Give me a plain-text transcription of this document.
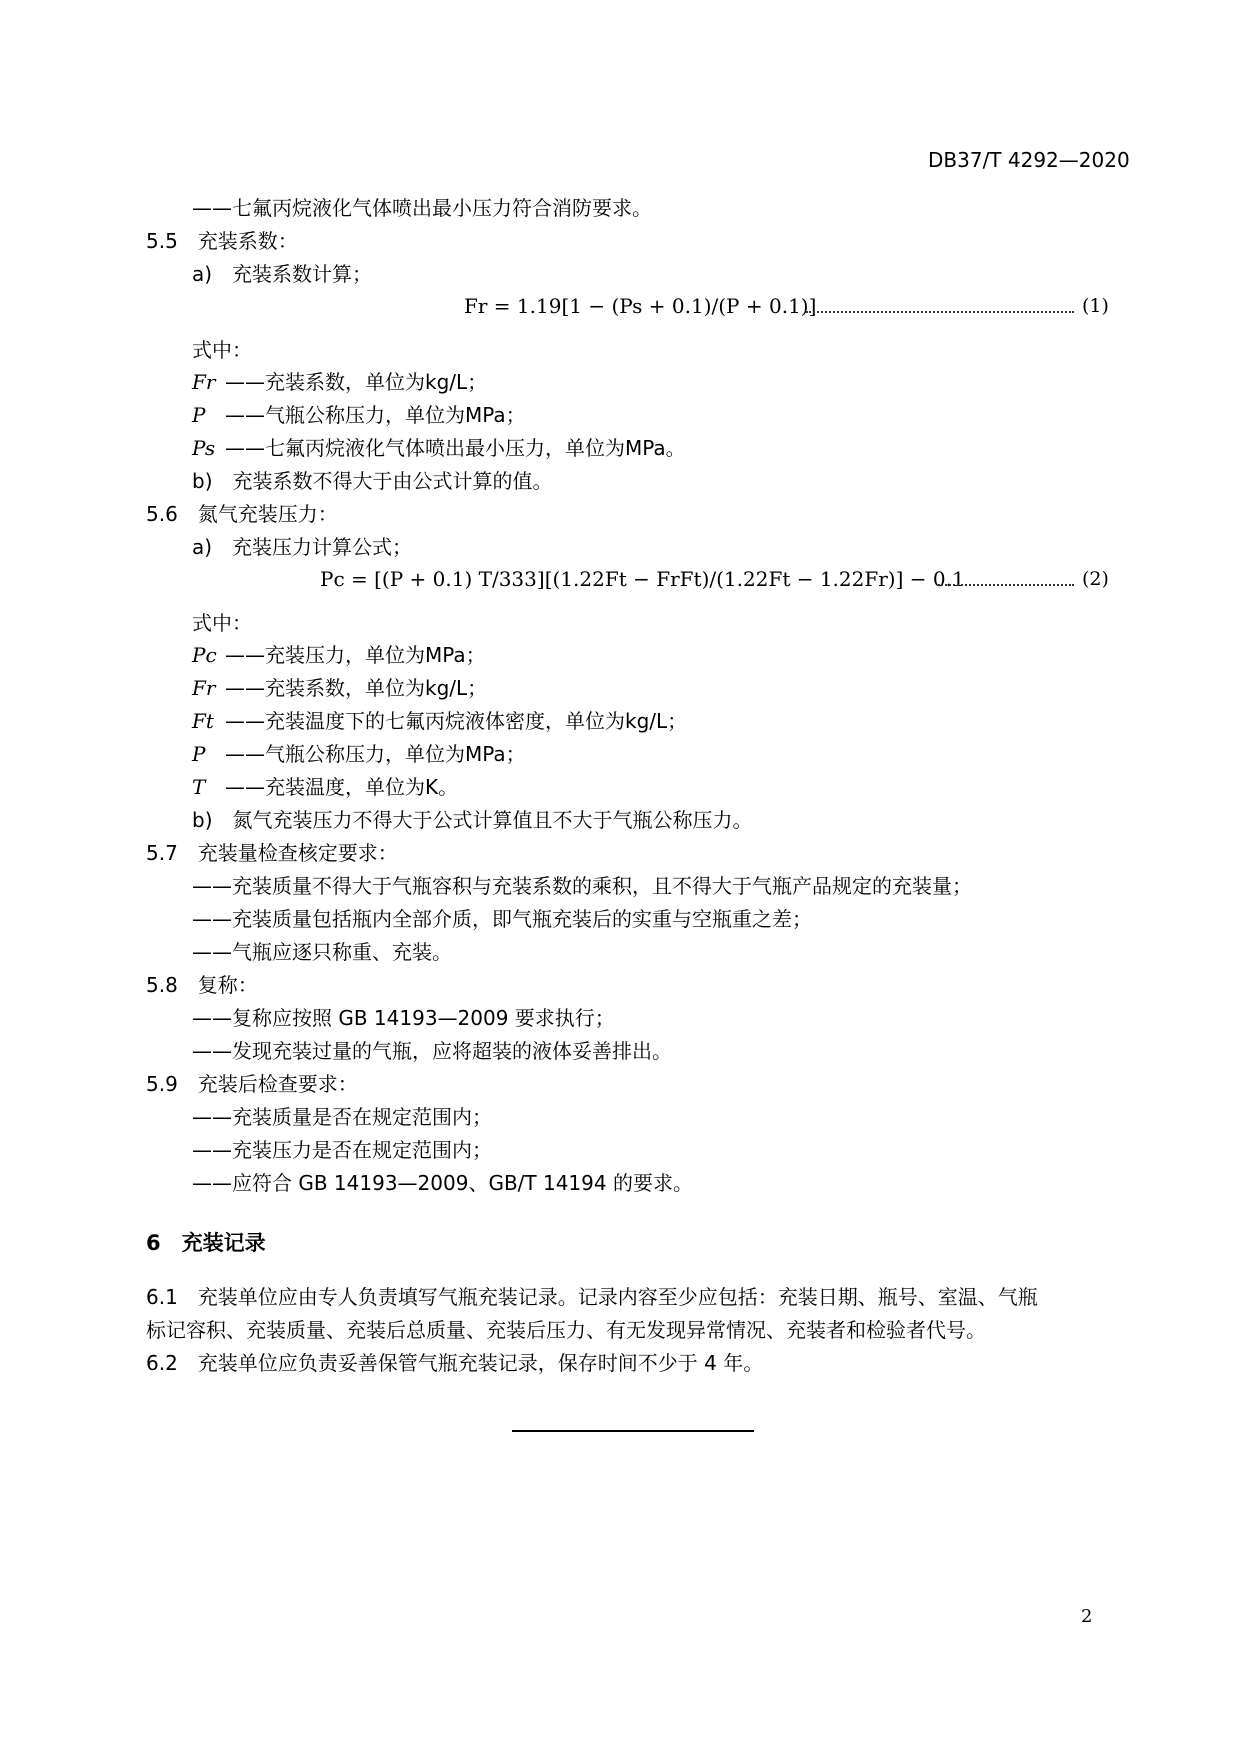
DB37/T 4292—2020
——七氟丙烷液化气体喷出最小压力符合消防要求。
5.5　充装系数：
a)　充装系数计算；
Fr = 1.19[1 − (Ps + 0.1)/(P + 0.1)]	(1)
式中：
Fr ——充装系数，单位为kg/L；
P ——气瓶公称压力，单位为MPa；
Ps ——七氟丙烷液化气体喷出最小压力，单位为MPa。
b)　充装系数不得大于由公式计算的值。
5.6　氮气充装压力：
a)　充装压力计算公式；
Pc = [(P + 0.1) T/333][(1.22Ft − FrFt)/(1.22Ft − 1.22Fr)] − 0.1	(2)
式中：
Pc ——充装压力，单位为MPa；
Fr ——充装系数，单位为kg/L；
Ft ——充装温度下的七氟丙烷液体密度，单位为kg/L；
P ——气瓶公称压力，单位为MPa；
T ——充装温度，单位为K。
b)　氮气充装压力不得大于公式计算值且不大于气瓶公称压力。
5.7　充装量检查核定要求：
——充装质量不得大于气瓶容积与充装系数的乘积，且不得大于气瓶产品规定的充装量；
——充装质量包括瓶内全部介质，即气瓶充装后的实重与空瓶重之差；
——气瓶应逐只称重、充装。
5.8　复称：
——复称应按照 GB 14193—2009 要求执行；
——发现充装过量的气瓶，应将超装的液体妥善排出。
5.9　充装后检查要求：
——充装质量是否在规定范围内；
——充装压力是否在规定范围内；
——应符合 GB 14193—2009、GB/T 14194 的要求。
6　充装记录
6.1　充装单位应由专人负责填写气瓶充装记录。记录内容至少应包括：充装日期、瓶号、室温、气瓶
标记容积、充装质量、充装后总质量、充装后压力、有无发现异常情况、充装者和检验者代号。
6.2　充装单位应负责妥善保管气瓶充装记录，保存时间不少于 4 年。
2
